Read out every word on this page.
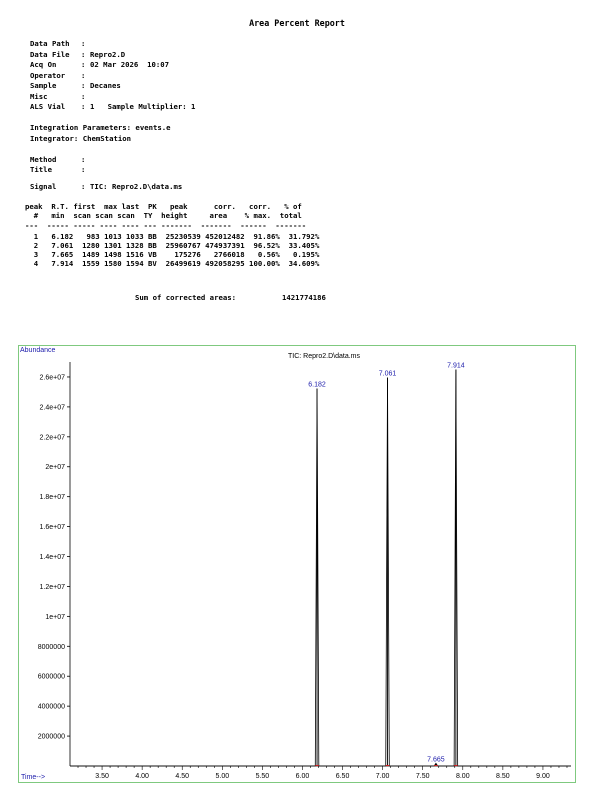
Area Percent Report
Data Path :
Data File : Repro2.D
Acq On	: 02 Mar 2026  10:07
Operator :
Sample	: Decanes
Misc	:
ALS Vial : 1   Sample Multiplier: 1
Integration Parameters: events.e
Integrator: ChemStation
Method	:
Title	:
Signal	: TIC: Repro2.D\data.ms
peak  R.T. first  max last  PK   peak      corr.   corr.   % of
#   min  scan scan scan  TY  height     area    % max.  total
---  ----- ----- ---- ---- --- -------  -------  ------  -------
1   6.182   983 1013 1033 BB  25230539 452012482  91.86%  31.792%
2   7.061  1280 1301 1328 BB  25960767 474937391  96.52%  33.405%
3   7.665  1489 1498 1516 VB    175276   2766018   0.56%   0.195%
4   7.914  1559 1580 1594 BV  26499619 492058295 100.00%  34.609%
Sum of corrected areas:	1421774186
Abundance
TIC: Repro2.D\data.ms
Time-->
2000000
4000000
6000000
8000000
1e+07
1.2e+07
1.4e+07
1.6e+07
1.8e+07
2e+07
2.2e+07
2.4e+07
2.6e+07
3.50	4.00	4.50	5.00	5.50	6.00	6.50	7.00	7.50	8.00	8.50	9.00
6.182
7.061
7.665
7.914
